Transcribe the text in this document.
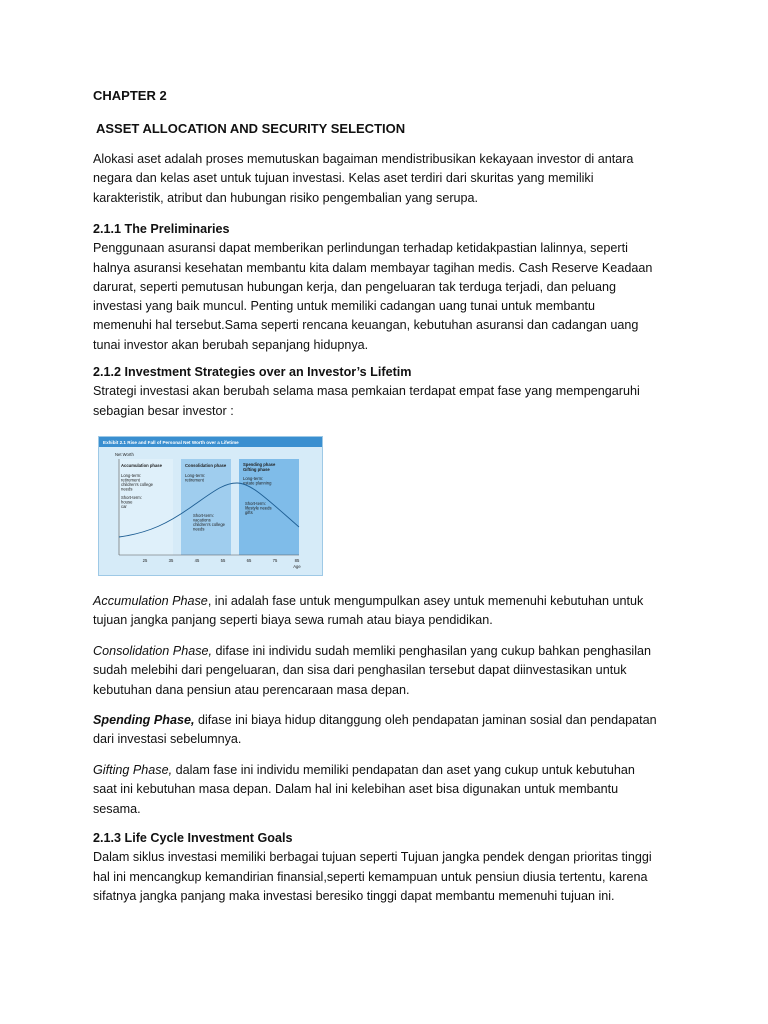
CHAPTER 2
ASSET ALLOCATION AND SECURITY SELECTION

Alokasi aset adalah proses memutuskan bagaiman mendistribusikan kekayaan investor di antara

negara dan kelas aset untuk tujuan investasi. Kelas aset terdiri dari skuritas yang memiliki

karakteristik, atribut dan hubungan risiko pengembalian yang serupa.

2.1.1 The Preliminaries

Penggunaan asuransi dapat memberikan perlindungan terhadap ketidakpastian lalinnya, seperti

halnya asuransi kesehatan membantu kita dalam membayar tagihan medis. Cash Reserve Keadaan

darurat, seperti pemutusan hubungan kerja, dan pengeluaran tak terduga terjadi, dan peluang

investasi yang baik muncul. Penting untuk memiliki cadangan uang tunai untuk membantu

memenuhi hal tersebut.Sama seperti rencana keuangan, kebutuhan asuransi dan cadangan uang

tunai investor akan berubah sepanjang hidupnya.

2.1.2 Investment Strategies over an Investor’s Lifetim

Strategi investasi akan berubah selama masa pemkaian terdapat empat fase yang mempengaruhi

sebagian besar investor :

Accumulation Phase, ini adalah fase untuk mengumpulkan asey untuk memenuhi kebutuhan untuk

tujuan jangka panjang seperti biaya sewa rumah atau biaya pendidikan.

Consolidation Phase, difase ini individu sudah memliki penghasilan yang cukup bahkan penghasilan

sudah melebihi dari pengeluaran, dan sisa dari penghasilan tersebut dapat diinvestasikan untuk

kebutuhan dana pensiun atau perencaraan masa depan.

Spending Phase, difase ini biaya hidup ditanggung oleh pendapatan jaminan sosial dan pendapatan

dari investasi sebelumnya.

Gifting Phase, dalam fase ini individu memiliki pendapatan dan aset yang cukup untuk kebutuhan

saat ini kebutuhan masa depan. Dalam hal ini kelebihan aset bisa digunakan untuk membantu

sesama.

2.1.3 Life Cycle Investment Goals

Dalam siklus investasi memiliki berbagai tujuan seperti Tujuan jangka pendek dengan prioritas tinggi

hal ini mencangkup kemandirian finansial,seperti kemampuan untuk pensiun diusia tertentu, karena

sifatnya jangka panjang maka investasi beresiko tinggi dapat membantu memenuhi tujuan ini.

Exhibit 2.1 Rise and Fall of Personal Net Worth over a Lifetime
Net Worth
Accumulation phase	Consolidation phase	Spending phase
Gifting phase
Long-term:
retirement
children's college
needs
Short-term:
house
car
Long-term:
retirement
Short-term:
vacations
children's college
needs
Long-term:
estate planning
Short-term:
lifestyle needs
gifts
25	35	45	55	65	75	85
Age
